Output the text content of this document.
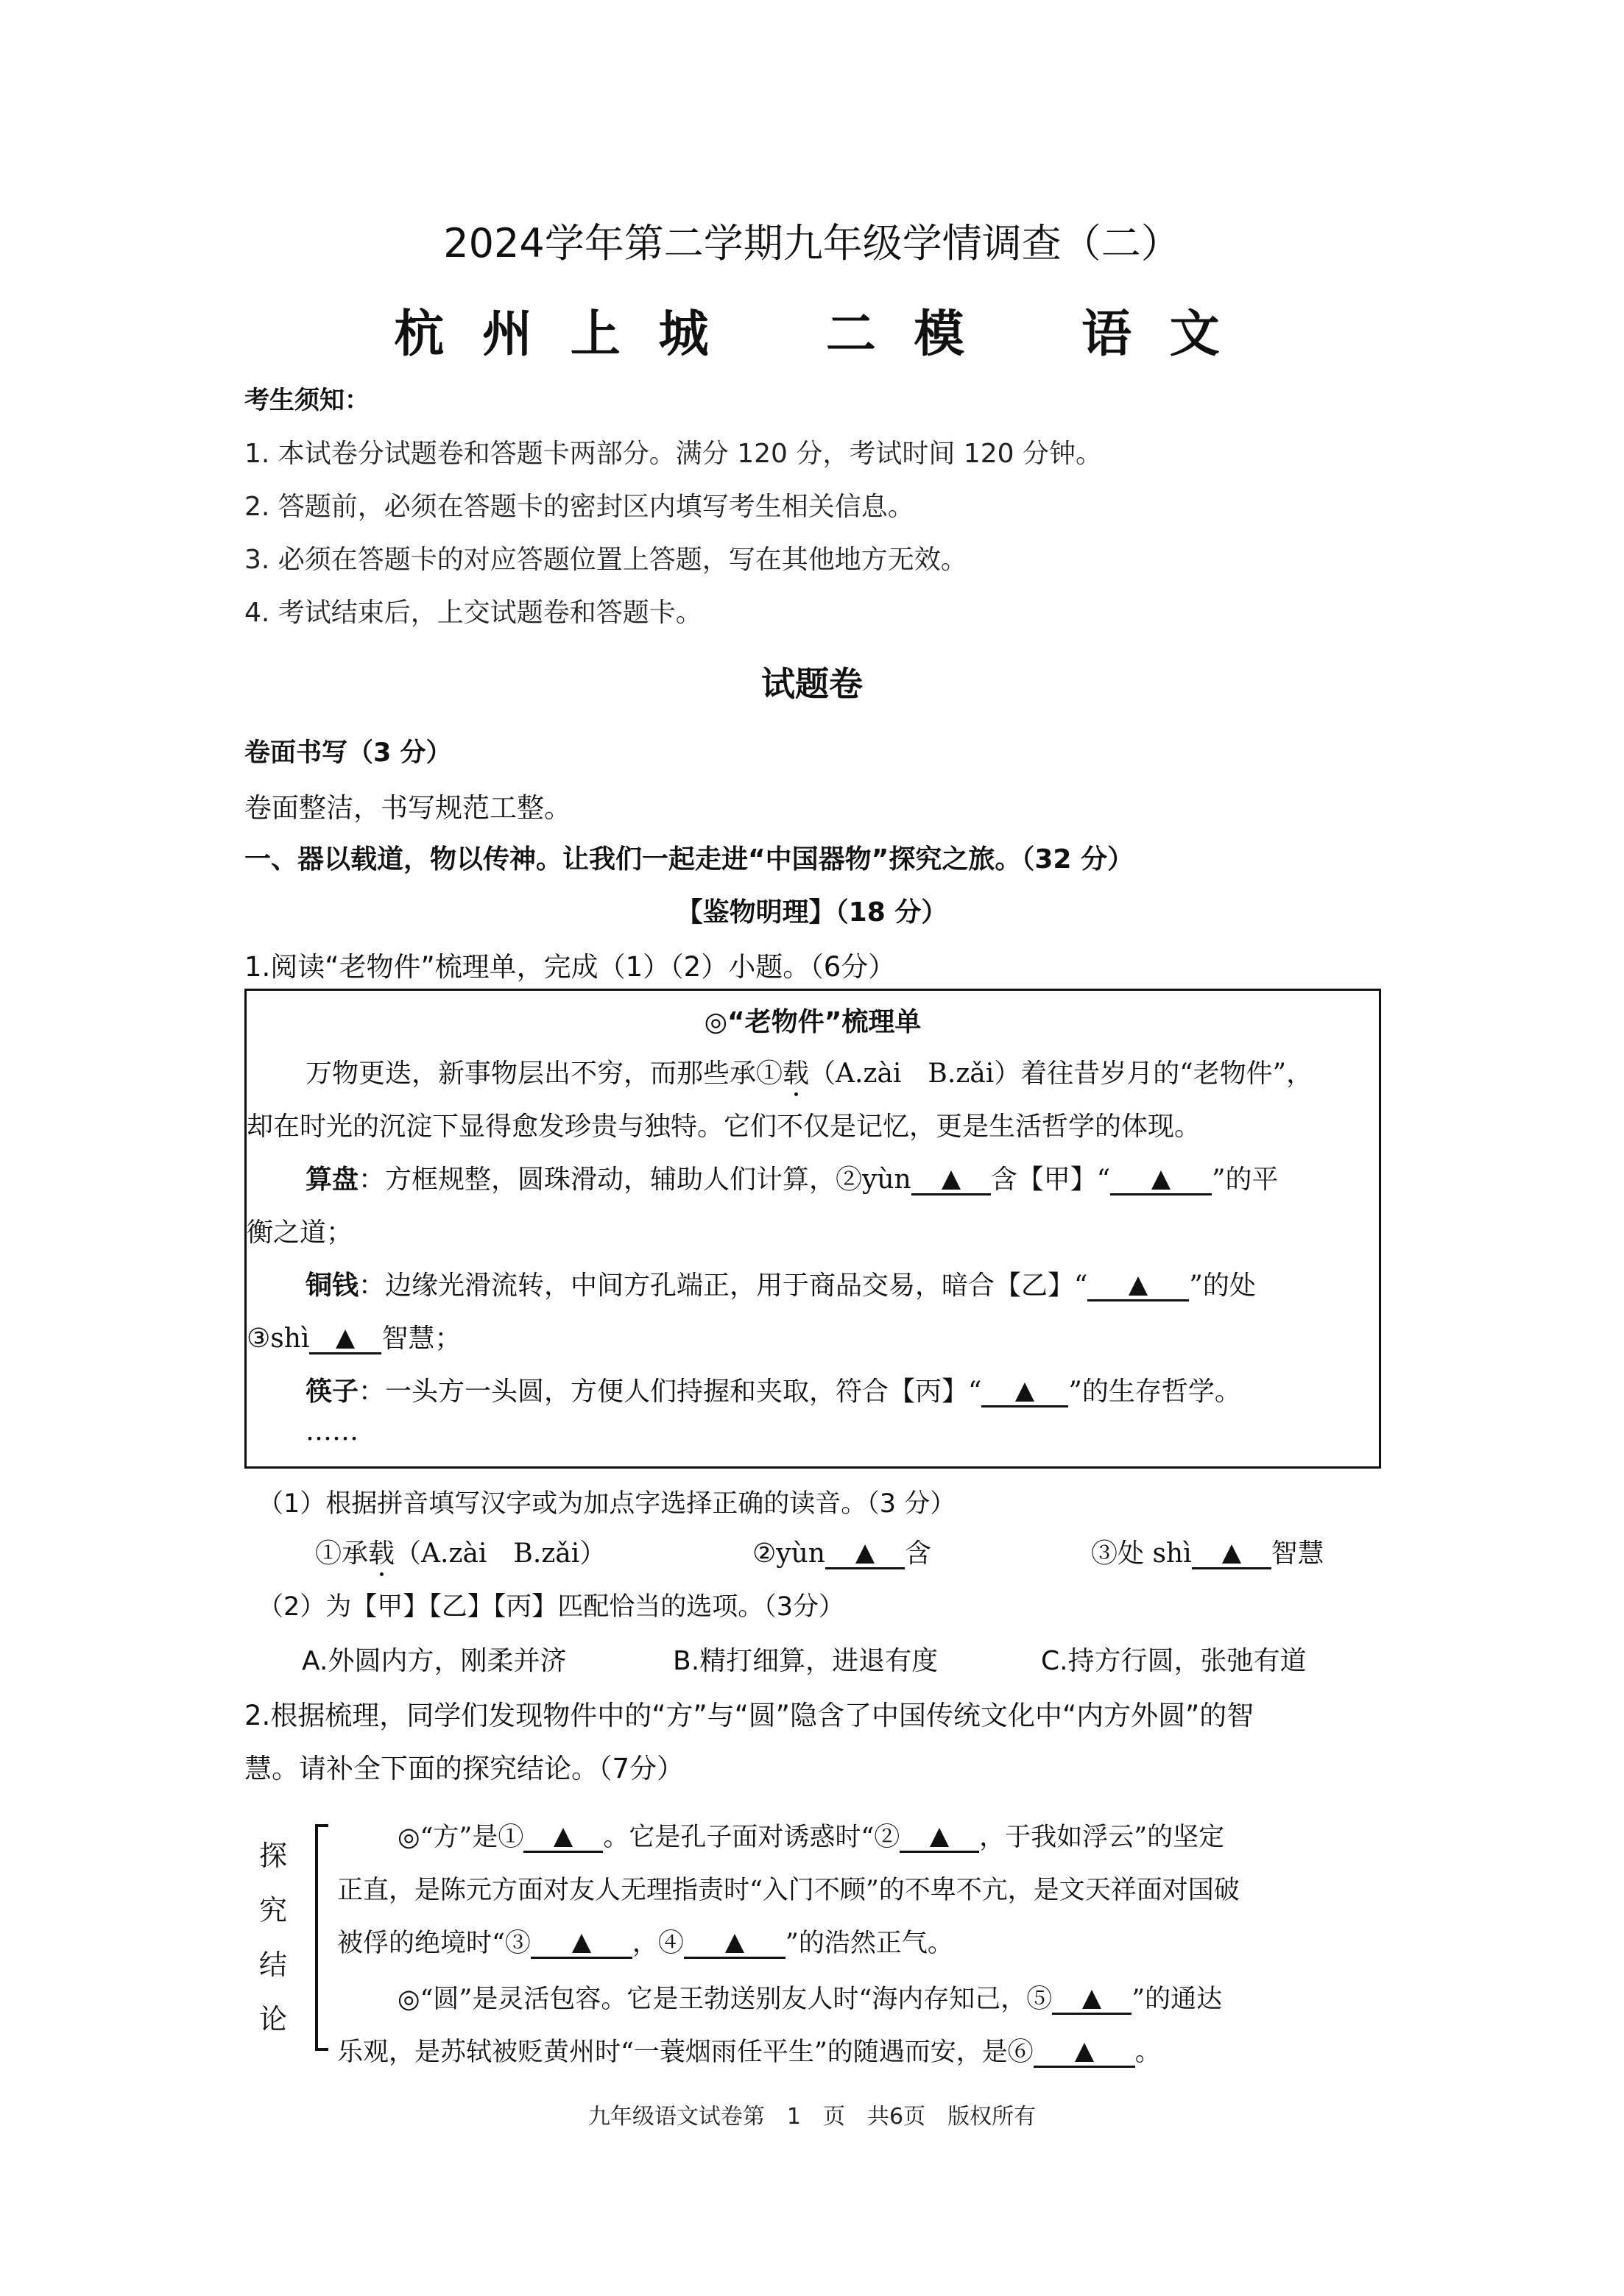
2024学年第二学期九年级学情调查（二）
杭 州 上 城 二 模 语 文
考生须知：
1. 本试卷分试题卷和答题卡两部分。满分 120 分，考试时间 120 分钟。
2. 答题前，必须在答题卡的密封区内填写考生相关信息。
3. 必须在答题卡的对应答题位置上答题，写在其他地方无效。
4. 考试结束后，上交试题卷和答题卡。
试题卷
卷面书写（3 分）
卷面整洁，书写规范工整。
一、器以载道，物以传神。让我们一起走进“中国器物”探究之旅。（32 分）
【鉴物明理】（18 分）
1.阅读“老物件”梳理单，完成（1）（2）小题。（6分）
◎“老物件”梳理单
万物更迭，新事物层出不穷，而那些承①载（A.zài　B.zǎi）着往昔岁月的“老物件”，
却在时光的沉淀下显得愈发珍贵与独特。它们不仅是记忆，更是生活哲学的体现。
算盘：方框规整，圆珠滑动，辅助人们计算，②yùn	含【甲】“	”的平
衡之道；
铜钱：边缘光滑流转，中间方孔端正，用于商品交易，暗合【乙】“	”的处
③shì	智慧；
筷子：一头方一头圆，方便人们持握和夹取，符合【丙】“	”的生存哲学。
……
（1）根据拼音填写汉字或为加点字选择正确的读音。（3 分）
①承载（A.zài　B.zǎi）	②yùn	含	③处 shì	智慧
（2）为【甲】【乙】【丙】匹配恰当的选项。（3分）
A.外圆内方，刚柔并济	B.精打细算，进退有度	C.持方行圆，张弛有道
2.根据梳理，同学们发现物件中的“方”与“圆”隐含了中国传统文化中“内方外圆”的智
慧。请补全下面的探究结论。（7分）
探
究
结
论
◎“方”是①	。它是孔子面对诱惑时“②	，于我如浮云”的坚定
正直，是陈元方面对友人无理指责时“入门不顾”的不卑不亢，是文天祥面对国破
被俘的绝境时“③	，④	”的浩然正气。
◎“圆”是灵活包容。它是王勃送别友人时“海内存知己，⑤	”的通达
乐观，是苏轼被贬黄州时“一蓑烟雨任平生”的随遇而安，是⑥	。
九年级语文试卷第　1　页　共6页　版权所有
